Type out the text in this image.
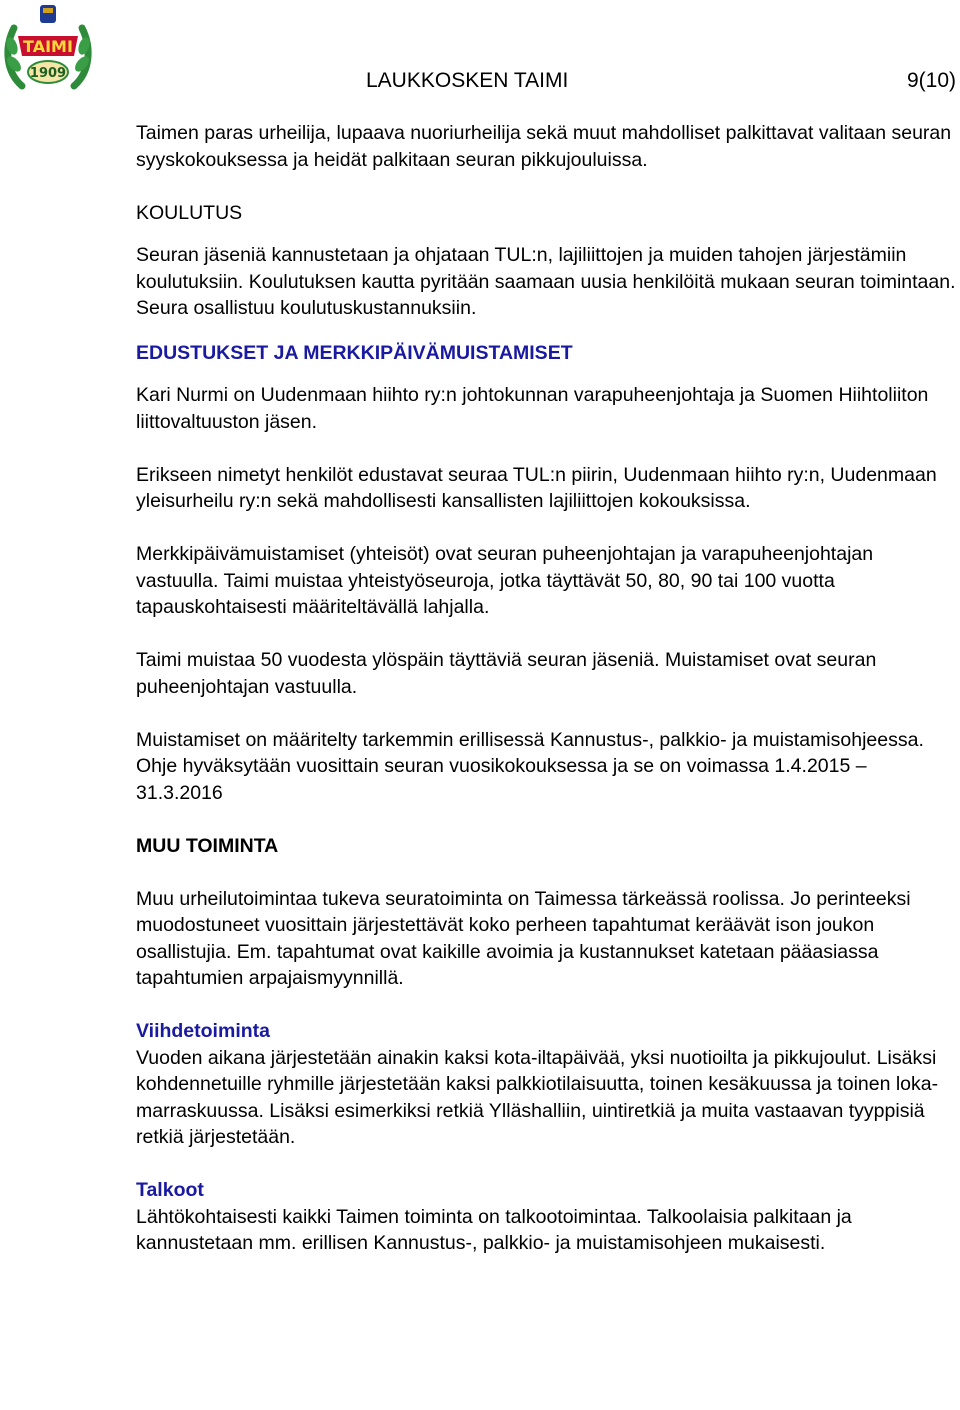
TAIMI
1909	LAUKKOSKEN TAIMI	9(10)

Taimen paras urheilija, lupaava nuoriurheilija sekä muut mahdolliset palkittavat valitaan seuran syyskokouksessa ja heidät palkitaan seuran pikkujouluissa.

KOULUTUS

Seuran jäseniä kannustetaan ja ohjataan TUL:n, lajiliittojen ja muiden tahojen järjestämiin koulutuksiin. Koulutuksen kautta pyritään saamaan uusia henkilöitä mukaan seuran toimintaan. Seura osallistuu koulutuskustannuksiin.

EDUSTUKSET JA MERKKIPÄIVÄMUISTAMISET

Kari Nurmi on Uudenmaan hiihto ry:n johtokunnan varapuheenjohtaja ja Suomen Hiihtoliiton liittovaltuuston jäsen.

Erikseen nimetyt henkilöt edustavat seuraa TUL:n piirin, Uudenmaan hiihto ry:n, Uudenmaan yleisurheilu ry:n sekä mahdollisesti kansallisten lajiliittojen kokouksissa.

Merkkipäivämuistamiset (yhteisöt) ovat seuran puheenjohtajan ja varapuheenjohtajan vastuulla. Taimi muistaa yhteistyöseuroja, jotka täyttävät 50, 80, 90 tai 100 vuotta tapauskohtaisesti määriteltävällä lahjalla.

Taimi muistaa 50 vuodesta ylöspäin täyttäviä seuran jäseniä. Muistamiset ovat seuran puheenjohtajan vastuulla.

Muistamiset on määritelty tarkemmin erillisessä Kannustus-, palkkio- ja muistamisohjeessa. Ohje hyväksytään vuosittain seuran vuosikokouksessa ja se on voimassa 1.4.2015 – 31.3.2016

MUU TOIMINTA

Muu urheilutoimintaa tukeva seuratoiminta on Taimessa tärkeässä roolissa. Jo perinteeksi muodostuneet vuosittain järjestettävät koko perheen tapahtumat keräävät ison joukon osallistujia. Em. tapahtumat ovat kaikille avoimia ja kustannukset katetaan pääasiassa tapahtumien arpajaismyynnillä.

Viihdetoiminta

Vuoden aikana järjestetään ainakin kaksi kota-iltapäivää, yksi nuotioilta ja pikkujoulut. Lisäksi kohdennetuille ryhmille järjestetään kaksi palkkiotilaisuutta, toinen kesäkuussa ja toinen loka-marraskuussa. Lisäksi esimerkiksi retkiä Ylläshalliin, uintiretkiä ja muita vastaavan tyyppisiä retkiä järjestetään.

Talkoot

Lähtökohtaisesti kaikki Taimen toiminta on talkootoimintaa. Talkoolaisia palkitaan ja kannustetaan mm. erillisen Kannustus-, palkkio- ja muistamisohjeen mukaisesti.
